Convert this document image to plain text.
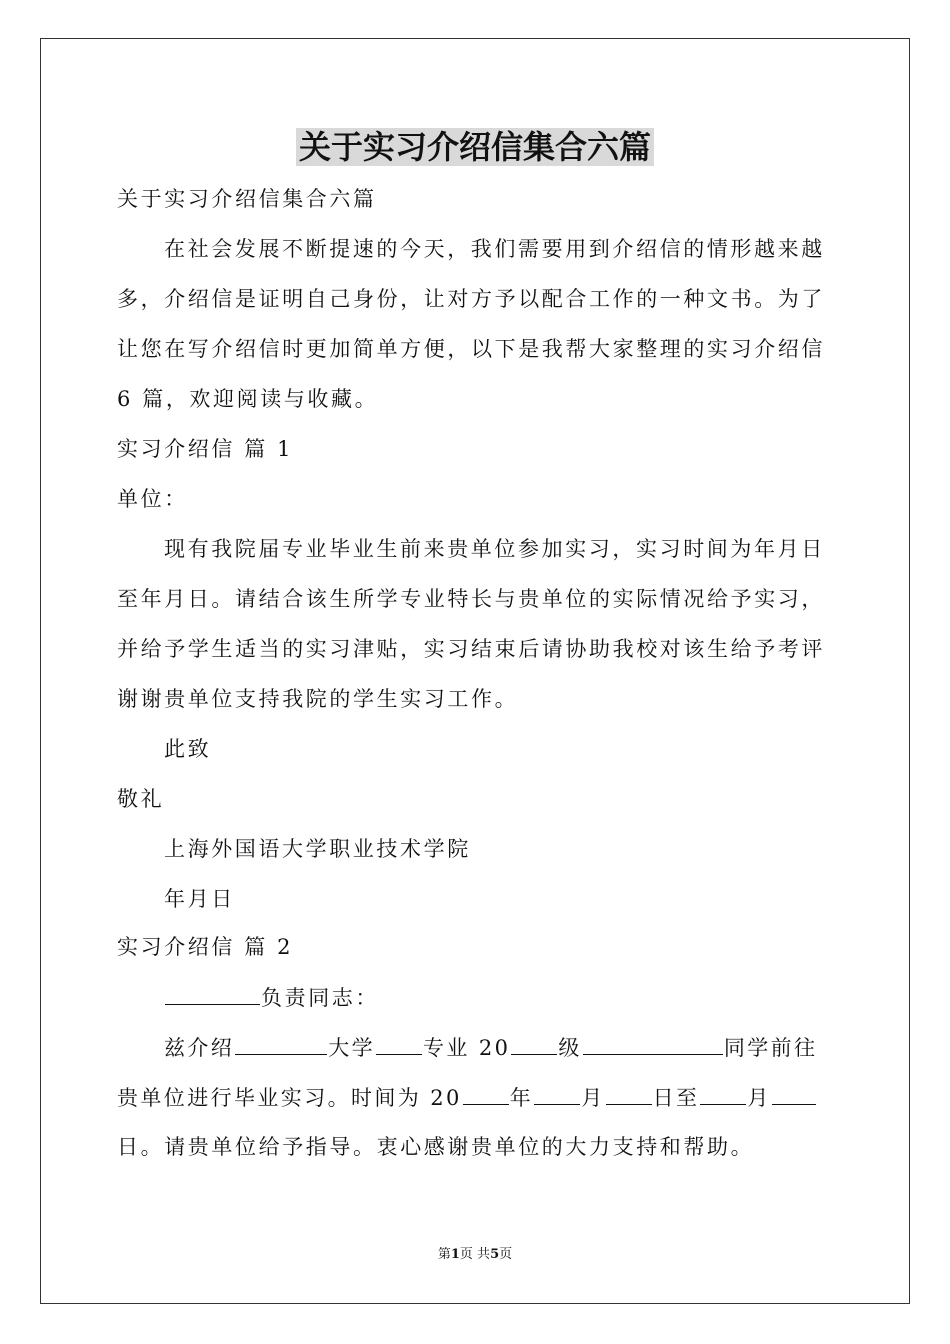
关于实习介绍信集合六篇
关于实习介绍信集合六篇
在社会发展不断提速的今天，我们需要用到介绍信的情形越来越
多，介绍信是证明自己身份，让对方予以配合工作的一种文书。为了
让您在写介绍信时更加简单方便，以下是我帮大家整理的实习介绍信
6 篇，欢迎阅读与收藏。
实习介绍信 篇 1
单位：
现有我院届专业毕业生前来贵单位参加实习，实习时间为年月日
至年月日。请结合该生所学专业特长与贵单位的实际情况给予实习，
并给予学生适当的实习津贴，实习结束后请协助我校对该生给予考评
谢谢贵单位支持我院的学生实习工作。
此致
敬礼
上海外国语大学职业技术学院
年月日
实习介绍信 篇 2
负责同志：
兹介绍	大学 专业 20 级	同学前往
贵单位进行毕业实习。时间为 20 年 月 日至 月
日。请贵单位给予指导。衷心感谢贵单位的大力支持和帮助。
第1页 共5页
